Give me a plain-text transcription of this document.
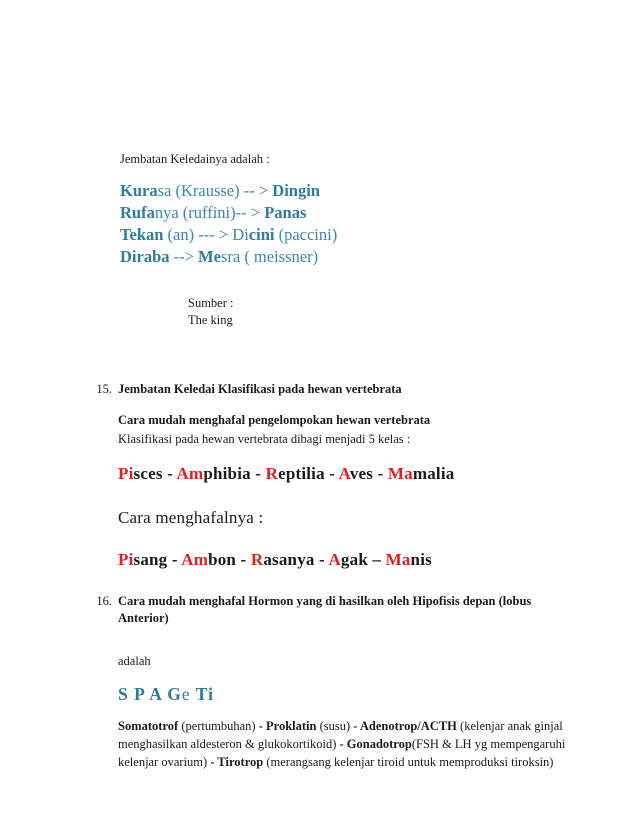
Jembatan Keledainya adalah :
Kurasa (Krausse) -- > Dingin
Rufanya (ruffini)-- > Panas
Tekan (an) --- > Dicini (paccini)
Diraba --> Mesra ( meissner)
Sumber :
The king
15. Jembatan Keledai Klasifikasi pada hewan vertebrata
Cara mudah menghafal pengelompokan hewan vertebrata
Klasifikasi pada hewan vertebrata dibagi menjadi 5 kelas :
Pisces - Amphibia - Reptilia - Aves - Mamalia
Cara menghafalnya :
Pisang - Ambon - Rasanya - Agak – Manis
16. Cara mudah menghafal Hormon yang di hasilkan oleh Hipofisis depan (lobus
Anterior)
adalah
S P A Ge Ti
Somatotrof (pertumbuhan) - Proklatin (susu) - Adenotrop/ACTH (kelenjar anak ginjal menghasilkan aldesteron & glukokortikoid) - Gonadotrop(FSH & LH yg mempengaruhi kelenjar ovarium) - Tirotrop (merangsang kelenjar tiroid untuk memproduksi tiroksin)
